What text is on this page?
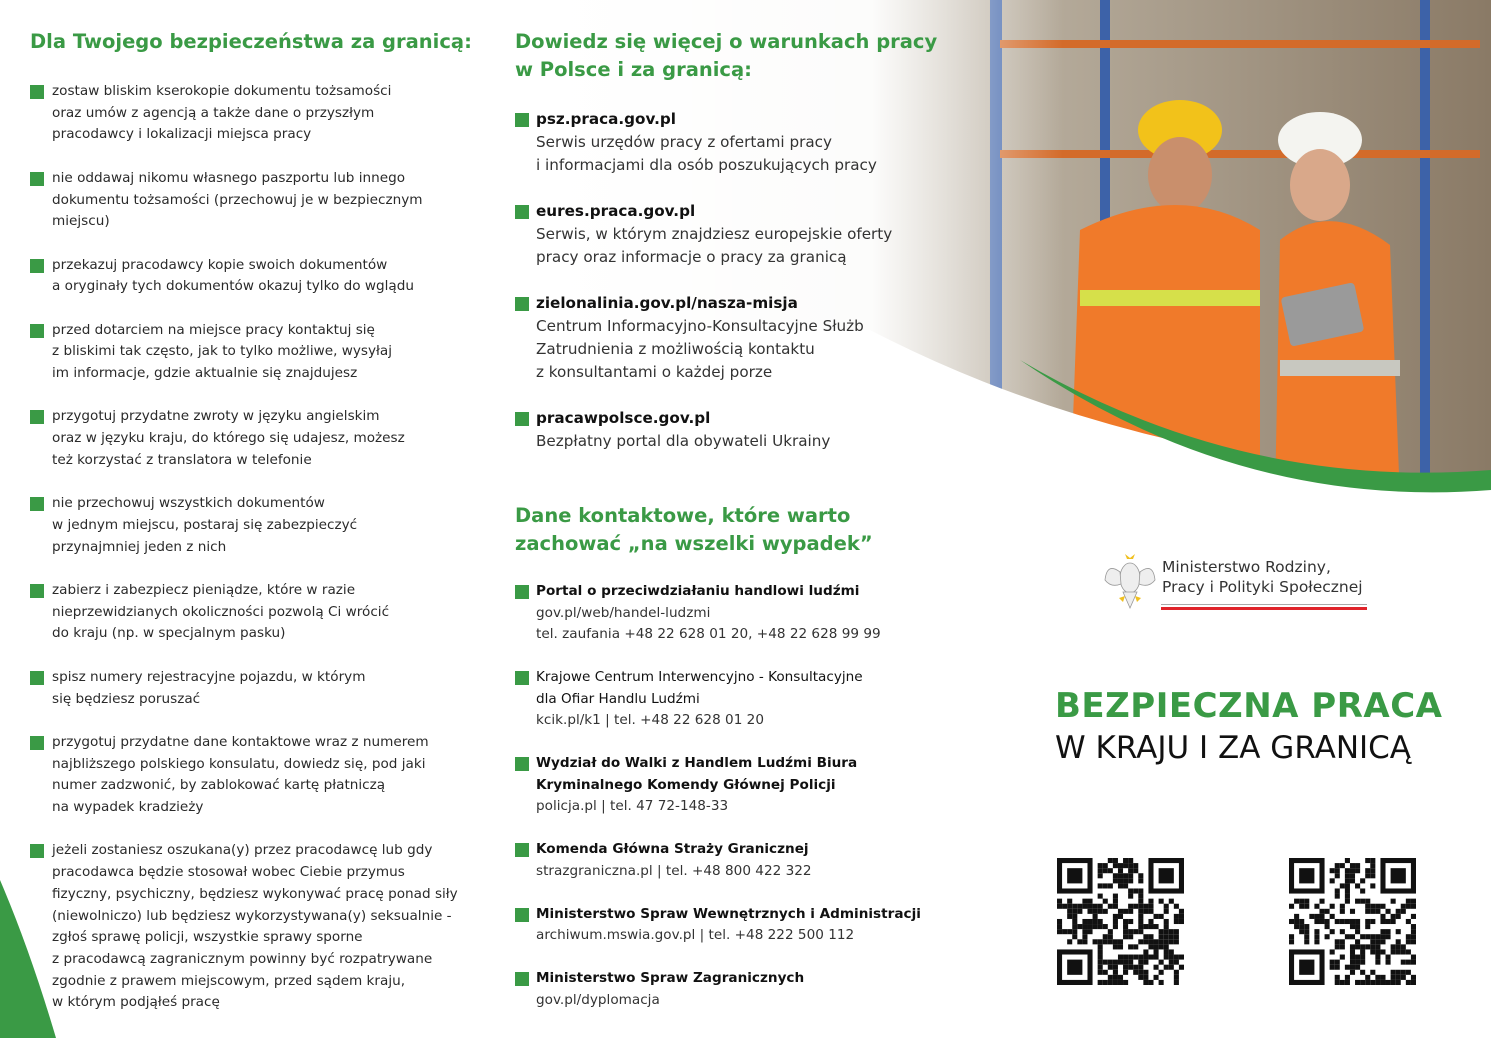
Dla Twojego bezpieczeństwa za granicą:
zostaw bliskim kserokopie dokumentu tożsamości
oraz umów z agencją a także dane o przyszłym
pracodawcy i lokalizacji miejsca pracy

nie oddawaj nikomu własnego paszportu lub innego
dokumentu tożsamości (przechowuj je w bezpiecznym
miejscu)

przekazuj pracodawcy kopie swoich dokumentów
a oryginały tych dokumentów okazuj tylko do wglądu

przed dotarciem na miejsce pracy kontaktuj się
z bliskimi tak często, jak to tylko możliwe, wysyłaj
im informacje, gdzie aktualnie się znajdujesz

przygotuj przydatne zwroty w języku angielskim
oraz w języku kraju, do którego się udajesz, możesz
też korzystać z translatora w telefonie

nie przechowuj wszystkich dokumentów
w jednym miejscu, postaraj się zabezpieczyć
przynajmniej jeden z nich

zabierz i zabezpiecz pieniądze, które w razie
nieprzewidzianych okoliczności pozwolą Ci wrócić
do kraju (np. w specjalnym pasku)

spisz numery rejestracyjne pojazdu, w którym
się będziesz poruszać

przygotuj przydatne dane kontaktowe wraz z numerem
najbliższego polskiego konsulatu, dowiedz się, pod jaki
numer zadzwonić, by zablokować kartę płatniczą
na wypadek kradzieży

jeżeli zostaniesz oszukana(y) przez pracodawcę lub gdy
pracodawca będzie stosował wobec Ciebie przymus
fizyczny, psychiczny, będziesz wykonywać pracę ponad siły
(niewolniczo) lub będziesz wykorzystywana(y) seksualnie -
zgłoś sprawę policji, wszystkie sprawy sporne
z pracodawcą zagranicznym powinny być rozpatrywane
zgodnie z prawem miejscowym, przed sądem kraju,
w którym podjąłeś pracę

Dowiedz się więcej o warunkach pracy
w Polsce i za granicą:
psz.praca.gov.pl
Serwis urzędów pracy z ofertami pracy
i informacjami dla osób poszukujących pracy

eures.praca.gov.pl
Serwis, w którym znajdziesz europejskie oferty
pracy oraz informacje o pracy za granicą

zielonalinia.gov.pl/nasza-misja
Centrum Informacyjno-Konsultacyjne Służb
Zatrudnienia z możliwością kontaktu
z konsultantami o każdej porze

pracawpolsce.gov.pl
Bezpłatny portal dla obywateli Ukrainy

Dane kontaktowe, które warto
zachować „na wszelki wypadek”
Portal o przeciwdziałaniu handlowi ludźmi
gov.pl/web/handel-ludzmi
tel. zaufania +48 22 628 01 20, +48 22 628 99 99

Krajowe Centrum Interwencyjno - Konsultacyjne
dla Ofiar Handlu Ludźmi
kcik.pl/k1 | tel. +48 22 628 01 20

Wydział do Walki z Handlem Ludźmi Biura
Kryminalnego Komendy Głównej Policji
policja.pl | tel. 47 72-148-33

Komenda Główna Straży Granicznej
strazgraniczna.pl | tel. +48 800 422 322

Ministerstwo Spraw Wewnętrznych i Administracji
archiwum.mswia.gov.pl | tel. +48 222 500 112

Ministerstwo Spraw Zagranicznych
gov.pl/dyplomacja

Ministerstwo Rodziny,
Pracy i Polityki Społecznej
BEZPIECZNA PRACA
W KRAJU I ZA GRANICĄ
